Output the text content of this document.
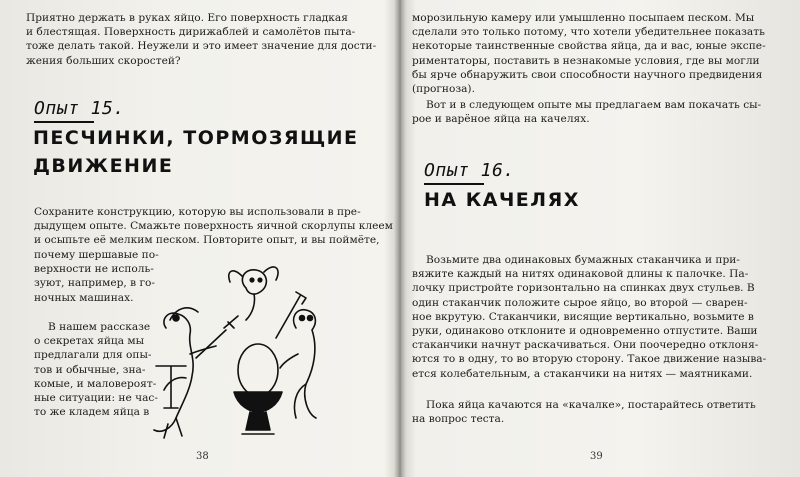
Приятно держать в руках яйцо. Его поверхность гладкая
и блестящая. Поверхность дирижаблей и самолётов пыта-
тоже делать такой. Неужели и это имеет значение для дости-
жения больших скоростей?
Опыт 15.
ПЕСЧИНКИ, ТОРМОЗЯЩИЕ
ДВИЖЕНИЕ
Сохраните конструкцию, которую вы использовали в пре-
дыдущем опыте. Смажьте поверхность яичной скорлупы клеем
и осыпьте её мелким песком. Повторите опыт, и вы поймёте,
почему шершавые по-
верхности не исполь-
зуют, например, в го-
ночных машинах.
В нашем рассказе
о секретах яйца мы
предлагали для опы-
тов и обычные, зна-
комые, и маловероят-
ные ситуации: не час-
то же кладем яйца в
38
морозильную камеру или умышленно посыпаем песком. Мы
сделали это только потому, что хотели убедительнее показать
некоторые таинственные свойства яйца, да и вас, юные экспе-
риментаторы, поставить в незнакомые условия, где вы могли
бы ярче обнаружить свои способности научного предвидения
(прогноза).
Вот и в следующем опыте мы предлагаем вам покачать сы-
рое и варёное яйца на качелях.
Опыт 16.
НА КАЧЕЛЯХ
Возьмите два одинаковых бумажных стаканчика и при-
вяжите каждый на нитях одинаковой длины к палочке. Па-
лочку пристройте горизонтально на спинках двух стульев. В
один стаканчик положите сырое яйцо, во второй — сварен-
ное вкрутую. Стаканчики, висящие вертикально, возьмите в
руки, одинаково отклоните и одновременно отпустите. Ваши
стаканчики начнут раскачиваться. Они поочередно отклоня-
ются то в одну, то во вторую сторону. Такое движение называ-
ется колебательным, а стаканчики на нитях — маятниками.
Пока яйца качаются на «качалке», постарайтесь ответить
на вопрос теста.
39
